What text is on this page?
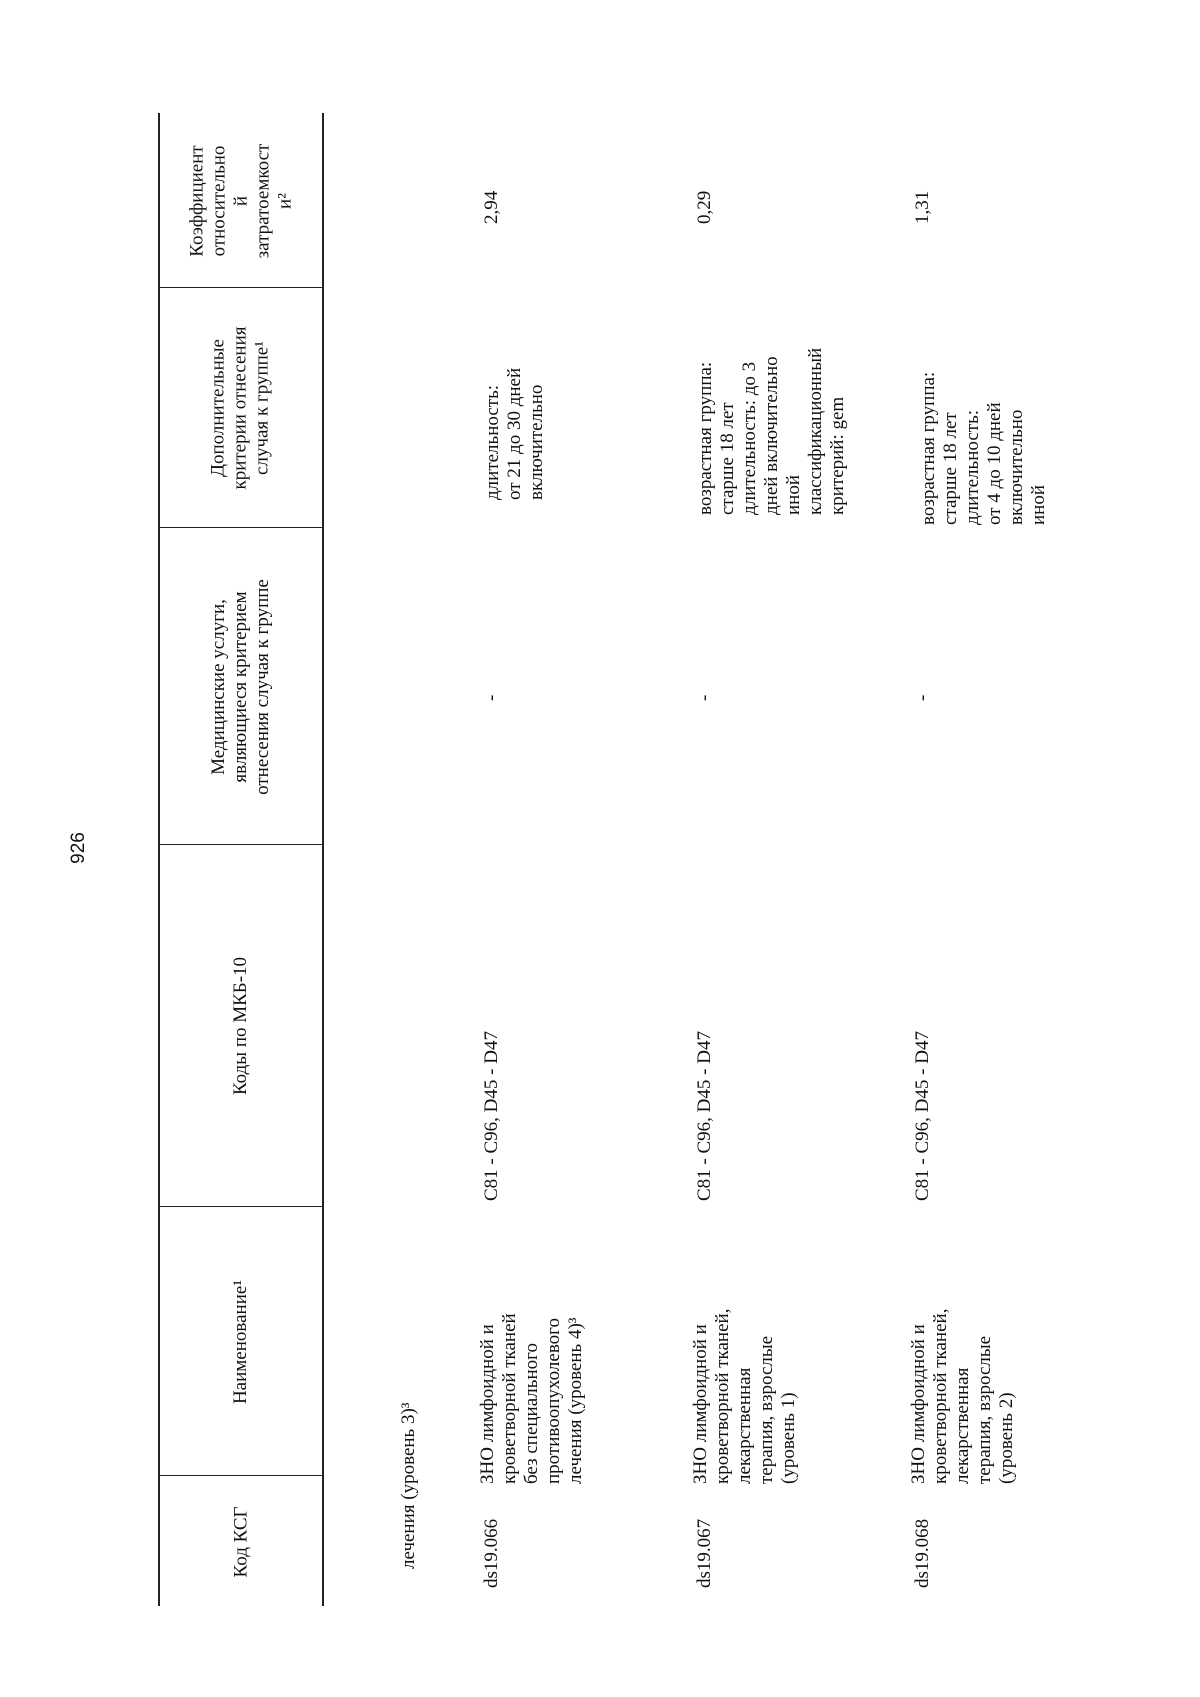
926
Код КСГ
Наименование¹
Коды по МКБ-10
Медицинские услуги,
являющиеся критерием
отнесения случая к группе
Дополнительные
критерии отнесения
случая к группе¹
Коэффициент
относительно
й
затратоемкост
и²
лечения (уровень 3)³	ds19.066
ЗНО лимфоидной и
кроветворной тканей
без специального
противоопухолевого
лечения (уровень 4)³
C81 - C96, D45 - D47
-
длительность:
от 21 до 30 дней
включительно
2,94
ds19.067
ЗНО лимфоидной и
кроветворной тканей,
лекарственная
терапия, взрослые
(уровень 1)
C81 - C96, D45 - D47
-
возрастная группа:
старше 18 лет
длительность: до 3
дней включительно
иной
классификационный
критерий: gem
0,29
ds19.068
ЗНО лимфоидной и
кроветворной тканей,
лекарственная
терапия, взрослые
(уровень 2)
C81 - C96, D45 - D47
-
возрастная группа:
старше 18 лет
длительность:
от 4 до 10 дней
включительно
иной
1,31
